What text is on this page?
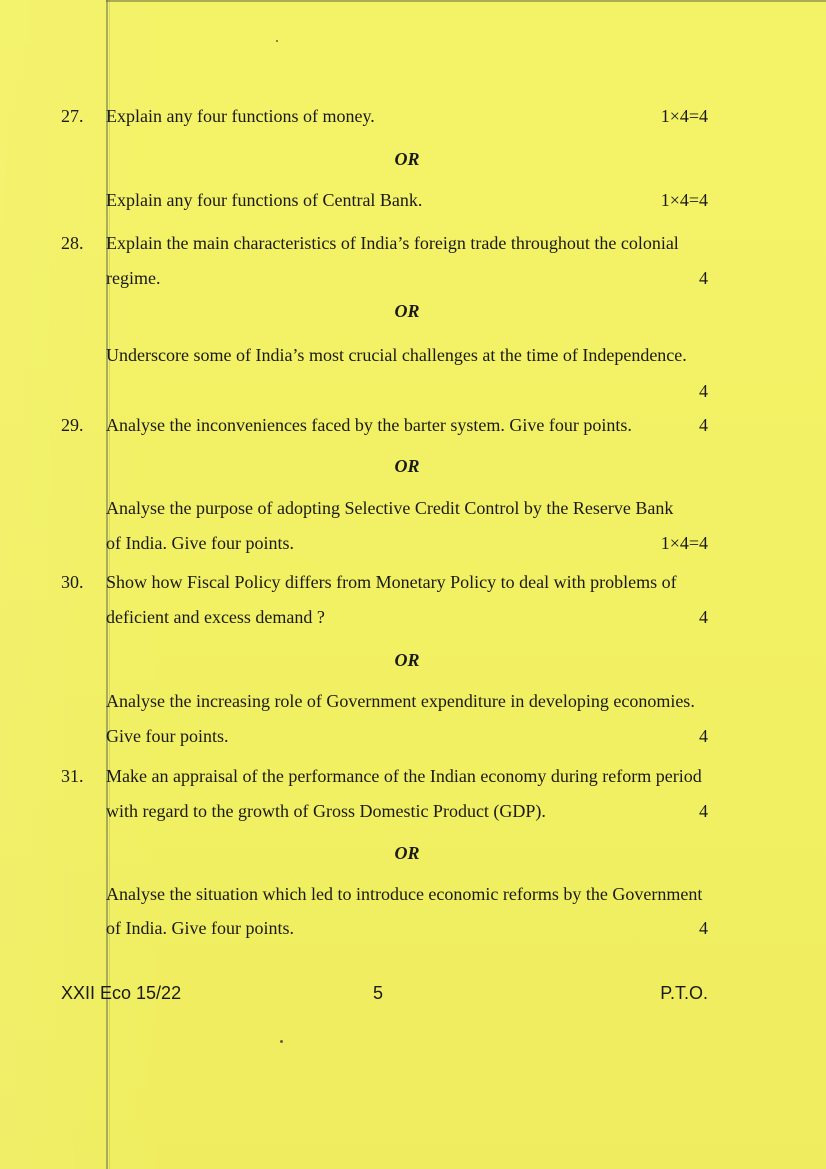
27.	Explain any four functions of money.	1×4=4
OR
Explain any four functions of Central Bank.	1×4=4
28.	Explain the main characteristics of India’s foreign trade throughout the colonial
regime.	4
OR
Underscore some of India’s most crucial challenges at the time of Independence.
4
29.	Analyse the inconveniences faced by the barter system. Give four points.	4
OR
Analyse the purpose of adopting Selective Credit Control by the Reserve Bank
of India. Give four points.	1×4=4
30.	Show how Fiscal Policy differs from Monetary Policy to deal with problems of
deficient and excess demand ?	4
OR
Analyse the increasing role of Government expenditure in developing economies.
Give four points.	4
31.	Make an appraisal of the performance of the Indian economy during reform period
with regard to the growth of Gross Domestic Product (GDP).	4
OR
Analyse the situation which led to introduce economic reforms by the Government
of India. Give four points.	4
XXII Eco 15/22	5	P.T.O.
